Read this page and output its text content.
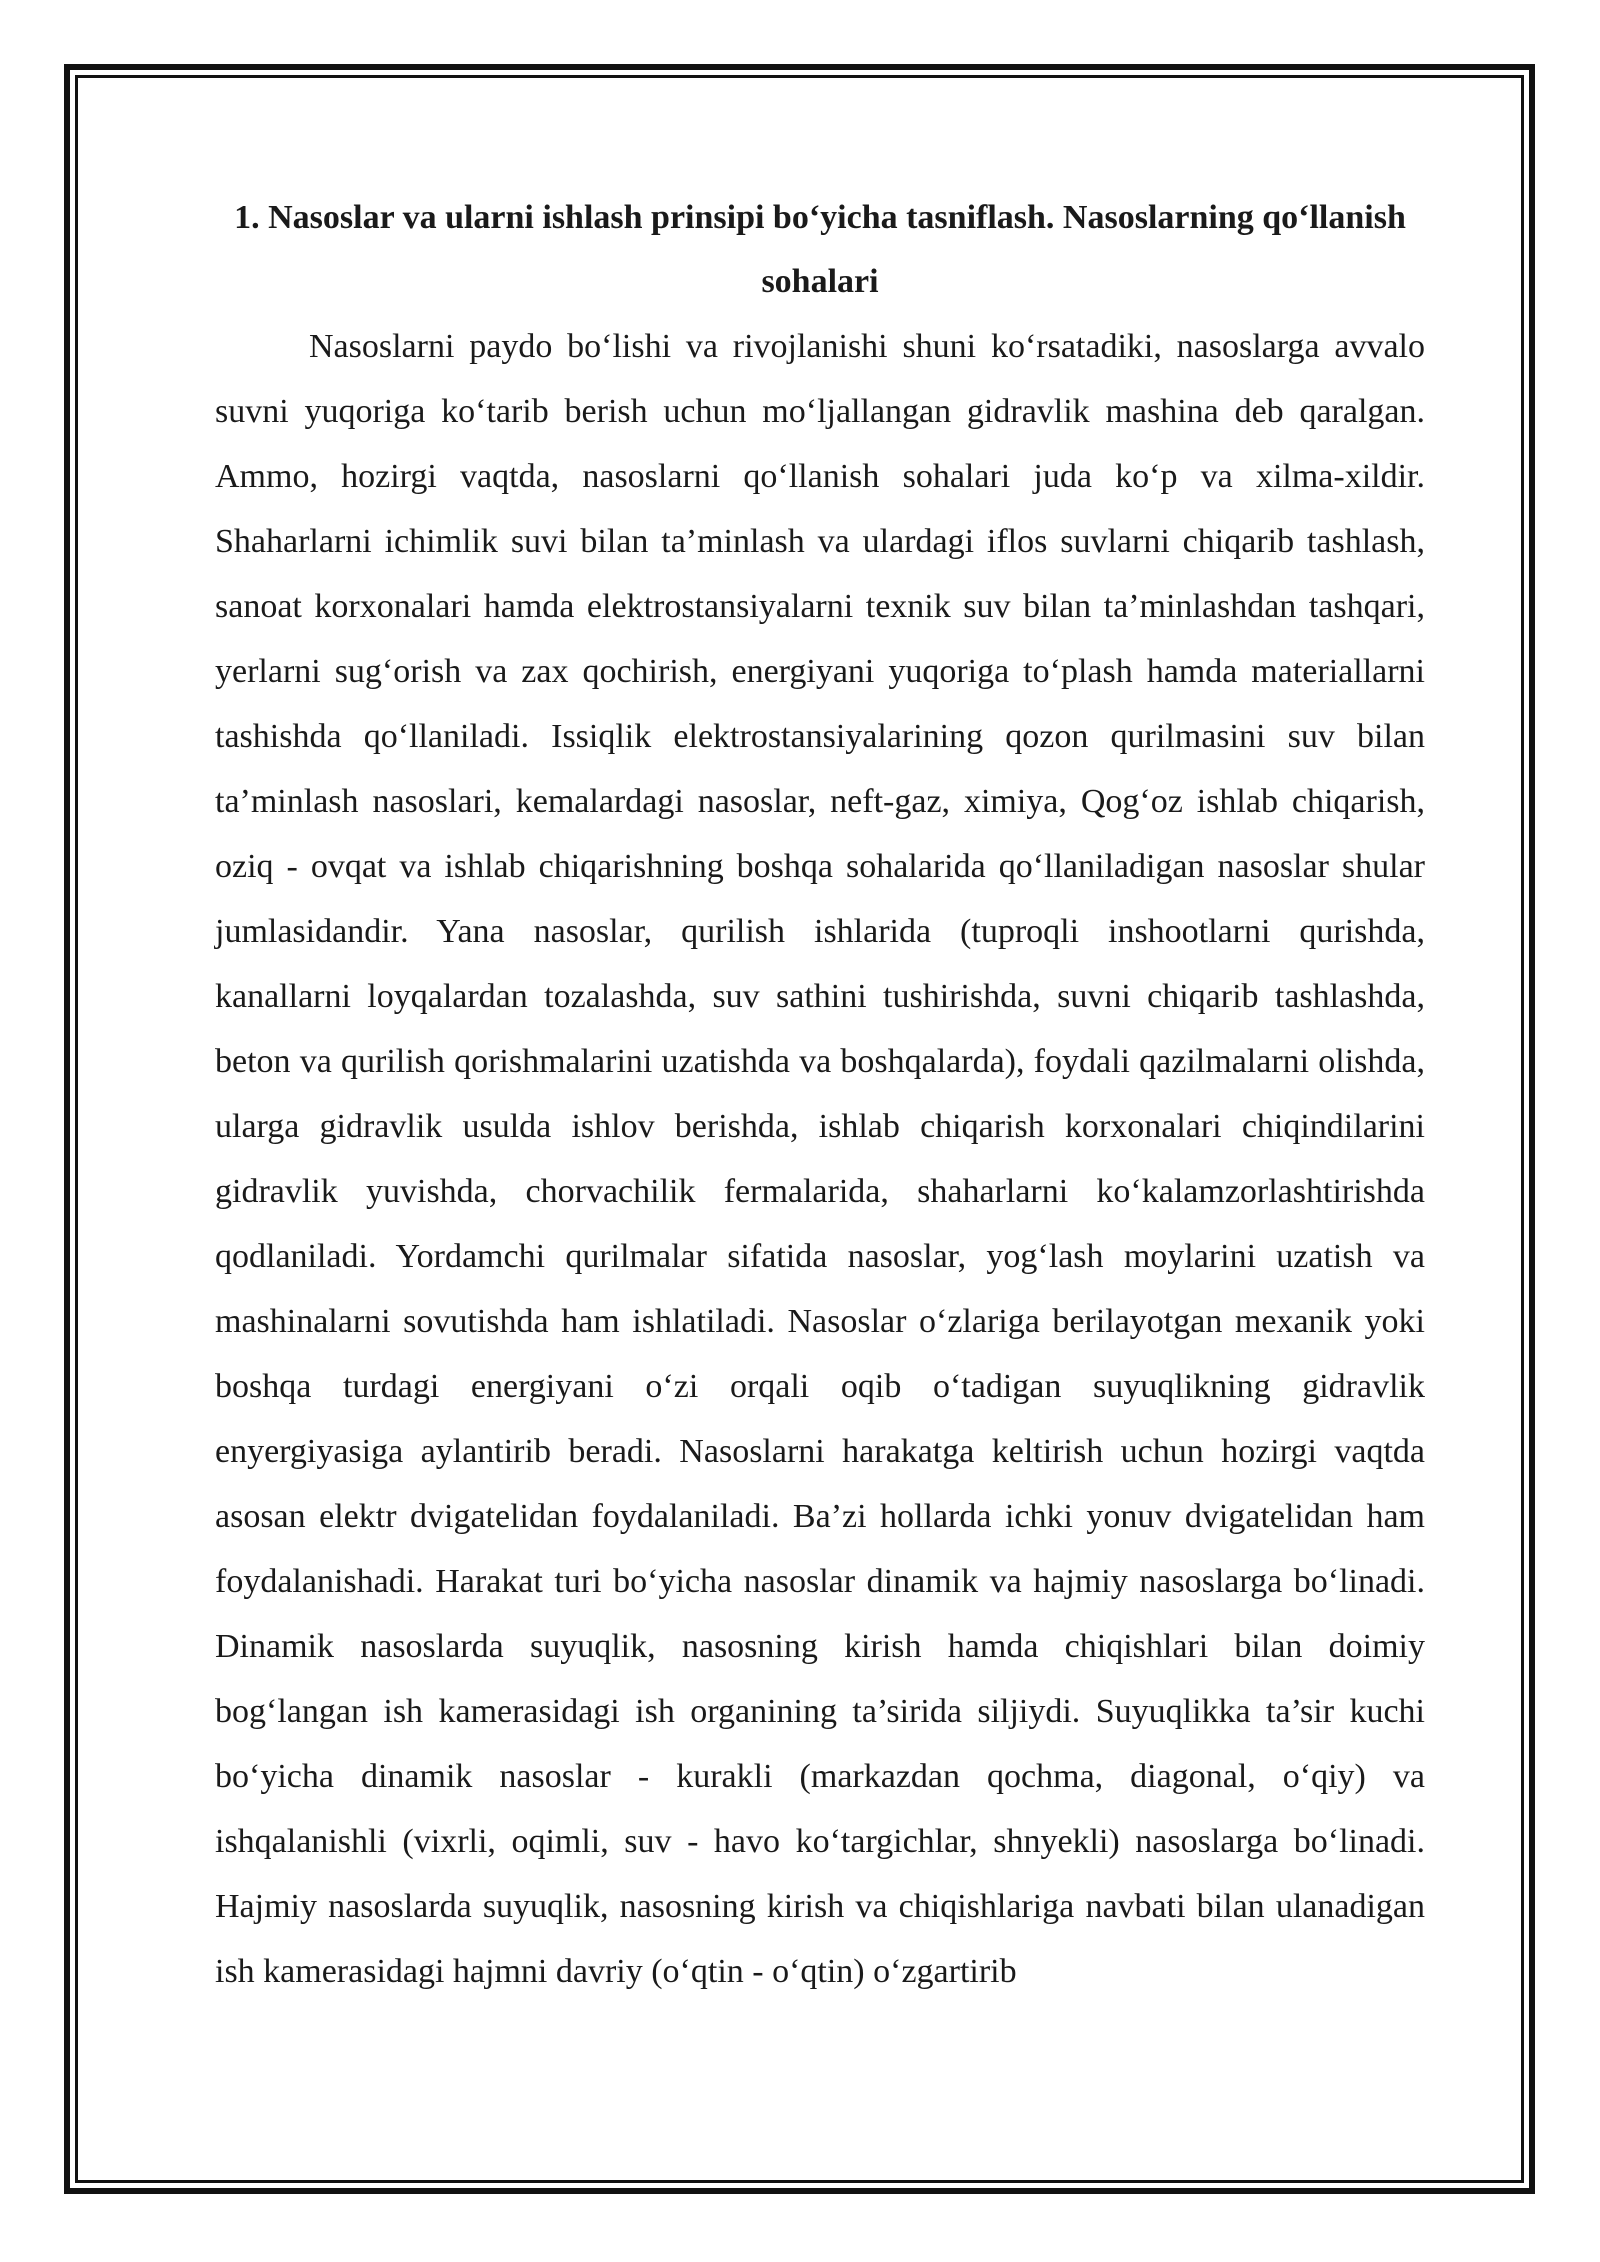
1. Nasoslar va ularni ishlash prinsipi bo‘yicha tasniflash. Nasoslarning qo‘llanish sohalari

Nasoslarni paydo bo‘lishi va rivojlanishi shuni ko‘rsatadiki, nasoslarga avvalo suvni yuqoriga ko‘tarib berish uchun mo‘ljallangan gidravlik mashina deb qaralgan. Ammo, hozirgi vaqtda, nasoslarni qo‘llanish sohalari juda ko‘p va xilma-xildir. Shaharlarni ichimlik suvi bilan ta’minlash va ulardagi iflos suvlarni chiqarib tashlash, sanoat korxonalari hamda elektrostansiyalarni texnik suv bilan ta’minlashdan tashqari, yerlarni sug‘orish va zax qochirish, energiyani yuqoriga to‘plash hamda materiallarni tashishda qo‘llaniladi. Issiqlik elektrostansiyalarining qozon qurilmasini suv bilan ta’minlash nasoslari, kemalardagi nasoslar, neft-gaz, ximiya, Qog‘oz ishlab chiqarish, oziq - ovqat va ishlab chiqarishning boshqa sohalarida qo‘llaniladigan nasoslar shular jumlasidandir. Yana nasoslar, qurilish ishlarida (tuproqli inshootlarni qurishda, kanallarni loyqalardan tozalashda, suv sathini tushirishda, suvni chiqarib tashlashda, beton va qurilish qorishmalarini uzatishda va boshqalarda), foydali qazilmalarni olishda, ularga gidravlik usulda ishlov berishda, ishlab chiqarish korxonalari chiqindilarini gidravlik yuvishda, chorvachilik fermalarida, shaharlarni ko‘kalamzorlashtirishda qodlaniladi. Yordamchi qurilmalar sifatida nasoslar, yog‘lash moylarini uzatish va mashinalarni sovutishda ham ishlatiladi. Nasoslar o‘zlariga berilayotgan mexanik yoki boshqa turdagi energiyani o‘zi orqali oqib o‘tadigan suyuqlikning gidravlik enyergiyasiga aylantirib beradi. Nasoslarni harakatga keltirish uchun hozirgi vaqtda asosan elektr dvigatelidan foydalaniladi. Ba’zi hollarda ichki yonuv dvigatelidan ham foydalanishadi. Harakat turi bo‘yicha nasoslar dinamik va hajmiy nasoslarga bo‘linadi. Dinamik nasoslarda suyuqlik, nasosning kirish hamda chiqishlari bilan doimiy bog‘langan ish kamerasidagi ish organining ta’sirida siljiydi. Suyuqlikka ta’sir kuchi bo‘yicha dinamik nasoslar - kurakli (markazdan qochma, diagonal, o‘qiy) va ishqalanishli (vixrli, oqimli, suv - havo ko‘targichlar, shnyekli) nasoslarga bo‘linadi. Hajmiy nasoslarda suyuqlik, nasosning kirish va chiqishlariga navbati bilan ulanadigan ish kamerasidagi hajmni davriy (o‘qtin - o‘qtin) o‘zgartirib
